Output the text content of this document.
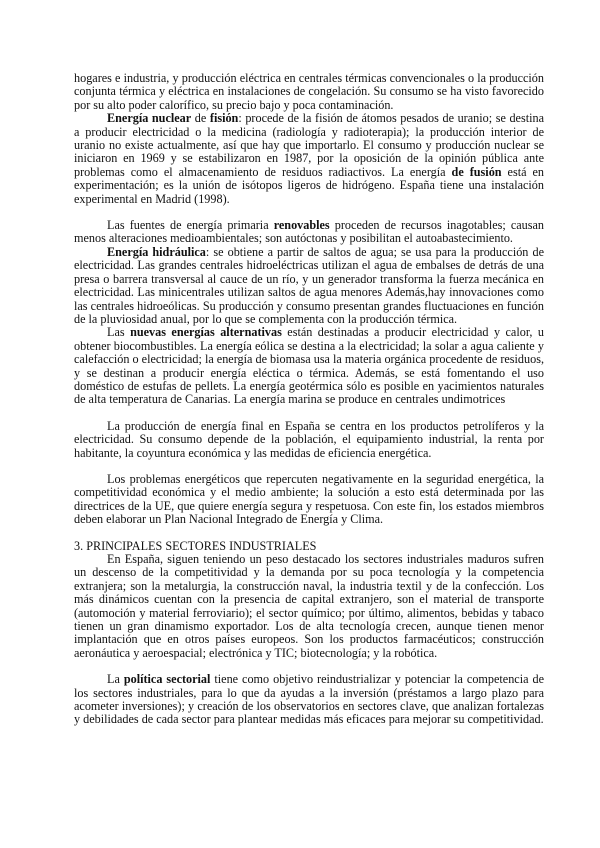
hogares e industria, y producción eléctrica en centrales térmicas convencionales o la producción conjunta térmica y eléctrica en instalaciones de congelación. Su consumo se ha visto favorecido por su alto poder calorífico, su precio bajo y poca contaminación.

Energía nuclear de fisión: procede de la fisión de átomos pesados de uranio; se destina a producir electricidad o la medicina (radiología y radioterapia); la producción interior de uranio no existe actualmente, así que hay que importarlo. El consumo y producción nuclear se iniciaron en 1969 y se estabilizaron en 1987, por la oposición de la opinión pública ante problemas como el almacenamiento de residuos radiactivos. La energía de fusión está en experimentación; es la unión de isótopos ligeros de hidrógeno. España tiene una instalación experimental en Madrid (1998).

Las fuentes de energía primaria renovables proceden de recursos inagotables; causan menos alteraciones medioambientales; son autóctonas y posibilitan el autoabastecimiento.

Energía hidráulica: se obtiene a partir de saltos de agua; se usa para la producción de electricidad. Las grandes centrales hidroeléctricas utilizan el agua de embalses de detrás de una presa o barrera transversal al cauce de un río, y un generador transforma la fuerza mecánica en electricidad. Las minicentrales utilizan saltos de agua menores Además,hay innovaciones como las centrales hidroeólicas. Su producción y consumo presentan grandes fluctuaciones en función de la pluviosidad anual, por lo que se complementa con la producción térmica.

Las nuevas energías alternativas están destinadas a producir electricidad y calor, u obtener biocombustibles. La energía eólica se destina a la electricidad; la solar a agua caliente y calefacción o electricidad; la energía de biomasa usa la materia orgánica procedente de residuos, y se destinan a producir energía eléctica o térmica. Además, se está fomentando el uso doméstico de estufas de pellets. La energía geotérmica sólo es posible en yacimientos naturales de alta temperatura de Canarias. La energía marina se produce en centrales undimotrices

La producción de energía final en España se centra en los productos petrolíferos y la electricidad. Su consumo depende de la población, el equipamiento industrial, la renta por habitante, la coyuntura económica y las medidas de eficiencia energética.

Los problemas energéticos que repercuten negativamente en la seguridad energética, la competitividad económica y el medio ambiente; la solución a esto está determinada por las directrices de la UE, que quiere energía segura y respetuosa. Con este fin, los estados miembros deben elaborar un Plan Nacional Integrado de Energía y Clima.

3. PRINCIPALES SECTORES INDUSTRIALES

En España, siguen teniendo un peso destacado los sectores industriales maduros sufren un descenso de la competitividad y la demanda por su poca tecnología y la competencia extranjera; son la metalurgia, la construcción naval, la industria textil y de la confección. Los más dinámicos cuentan con la presencia de capital extranjero, son el material de transporte (automoción y material ferroviario); el sector químico; por último, alimentos, bebidas y tabaco tienen un gran dinamismo exportador. Los de alta tecnología crecen, aunque tienen menor implantación que en otros países europeos. Son los productos farmacéuticos; construcción aeronáutica y aeroespacial; electrónica y TIC; biotecnología; y la robótica.

La política sectorial tiene como objetivo reindustrializar y potenciar la competencia de los sectores industriales, para lo que da ayudas a la inversión (préstamos a largo plazo para acometer inversiones); y creación de los observatorios en sectores clave, que analizan fortalezas y debilidades de cada sector para plantear medidas más eficaces para mejorar su competitividad.
